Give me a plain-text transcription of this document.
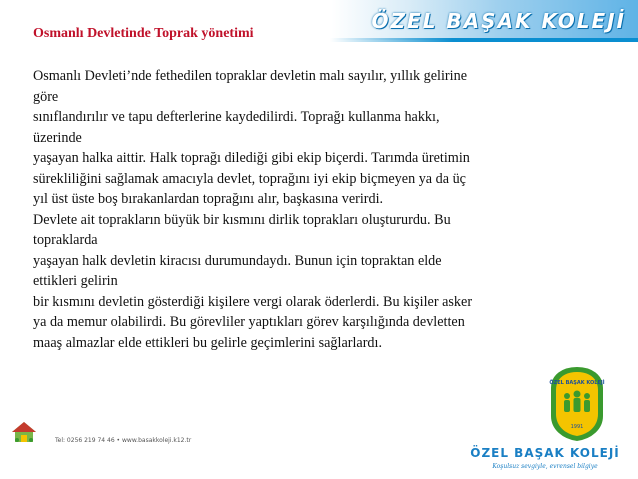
ÖZEL BAŞAK KOLEJİ
Osmanlı Devletinde Toprak yönetimi
Osmanlı Devleti’nde fethedilen topraklar devletin malı sayılır, yıllık gelirine
göre
sınıflandırılır ve tapu defterlerine kaydedilirdi. Toprağı kullanma hakkı,
üzerinde
yaşayan halka aittir. Halk toprağı dilediği gibi ekip biçerdi. Tarımda üretimin
sürekliliğini sağlamak amacıyla devlet, toprağını iyi ekip biçmeyen ya da üç
yıl üst üste boş bırakanlardan toprağını alır, başkasına verirdi.
Devlete ait toprakların büyük bir kısmını dirlik toprakları oluştururdu. Bu
topraklarda
yaşayan halk devletin kiracısı durumundaydı. Bunun için topraktan elde
ettikleri gelirin
bir kısmını devletin gösterdiği kişilere vergi olarak öderlerdi. Bu kişiler asker
ya da memur olabilirdi. Bu görevliler yaptıkları görev karşılığında devletten
maaş almazlar elde ettikleri bu gelirle geçimlerini sağlarlardı.
Tel: 0256 219 74 46 • www.basakkoleji.k12.tr
ÖZEL BAŞAK KOLEJİ
1991
ÖZEL BAŞAK KOLEJİ
Koşulsuz sevgiyle, evrensel bilgiye
